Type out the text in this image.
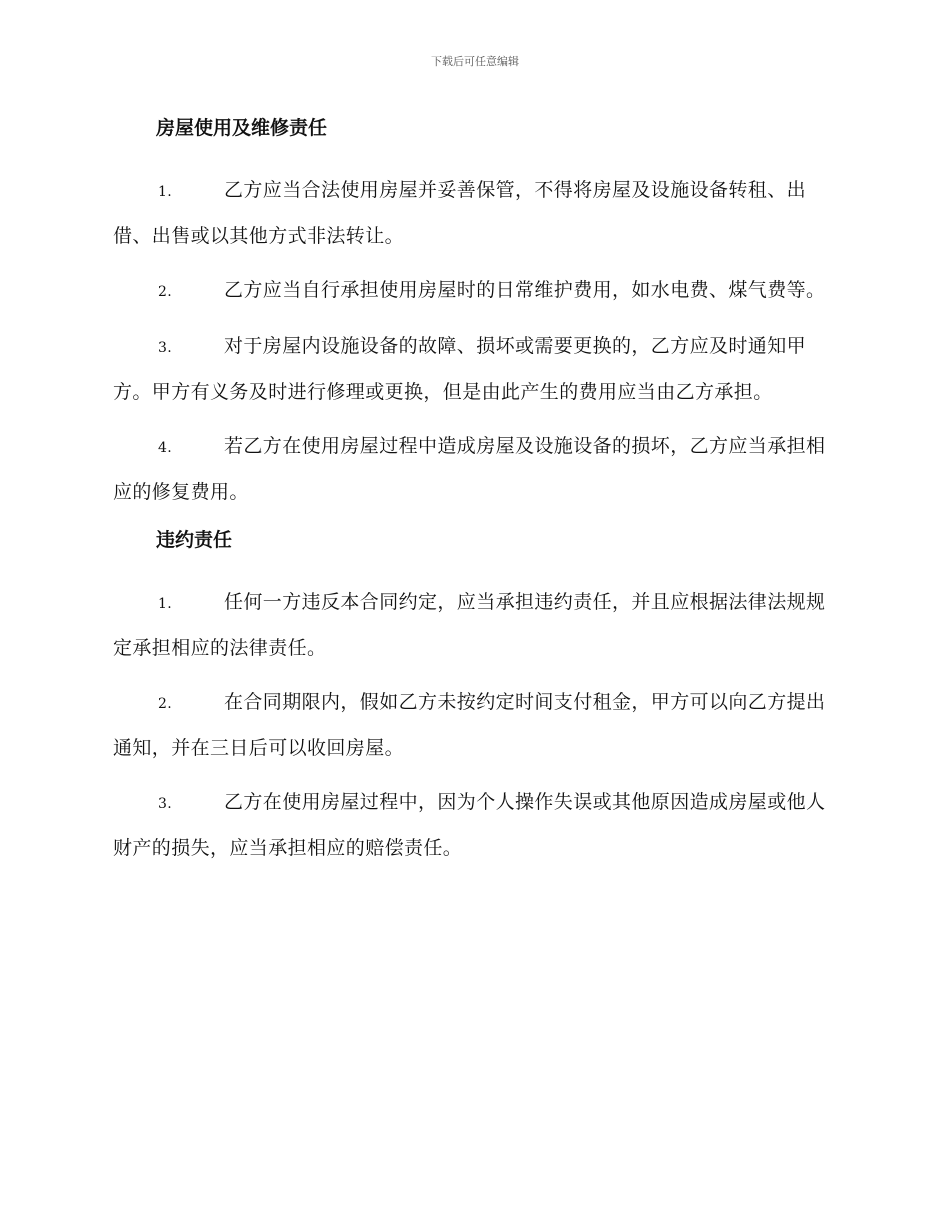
下载后可任意编辑
房屋使用及维修责任

1.	乙方应当合法使用房屋并妥善保管，不得将房屋及设施设备转租、出借、出售或以其他方式非法转让。

2.	乙方应当自行承担使用房屋时的日常维护费用，如水电费、煤气费等。

3.	对于房屋内设施设备的故障、损坏或需要更换的，乙方应及时通知甲方。甲方有义务及时进行修理或更换，但是由此产生的费用应当由乙方承担。

4.	若乙方在使用房屋过程中造成房屋及设施设备的损坏，乙方应当承担相应的修复费用。

违约责任

1.	任何一方违反本合同约定，应当承担违约责任，并且应根据法律法规规定承担相应的法律责任。

2.	在合同期限内，假如乙方未按约定时间支付租金，甲方可以向乙方提出通知，并在三日后可以收回房屋。

3.	乙方在使用房屋过程中，因为个人操作失误或其他原因造成房屋或他人财产的损失，应当承担相应的赔偿责任。
